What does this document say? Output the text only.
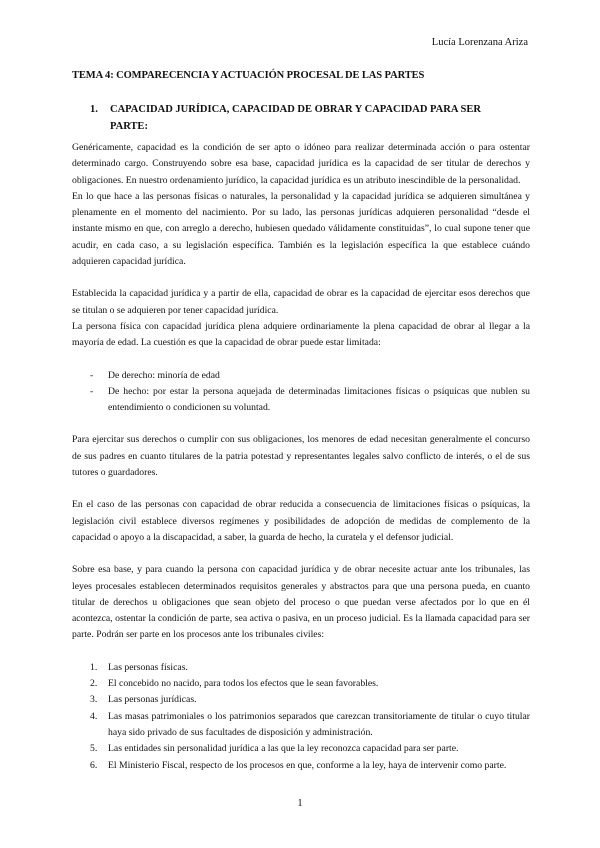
Lucía Lorenzana Ariza
TEMA 4: COMPARECENCIA Y ACTUACIÓN PROCESAL DE LAS PARTES
1. CAPACIDAD JURÍDICA, CAPACIDAD DE OBRAR Y CAPACIDAD PARA SER PARTE:

Genéricamente, capacidad es la condición de ser apto o idóneo para realizar determinada acción o para ostentar determinado cargo. Construyendo sobre esa base, capacidad jurídica es la capacidad de ser titular de derechos y obligaciones. En nuestro ordenamiento jurídico, la capacidad jurídica es un atributo inescindible de la personalidad.

En lo que hace a las personas físicas o naturales, la personalidad y la capacidad jurídica se adquieren simultánea y plenamente en el momento del nacimiento. Por su lado, las personas jurídicas adquieren personalidad “desde el instante mismo en que, con arreglo a derecho, hubiesen quedado válidamente constituidas”, lo cual supone tener que acudir, en cada caso, a su legislación específica. También es la legislación específica la que establece cuándo adquieren capacidad jurídica.

Establecida la capacidad jurídica y a partir de ella, capacidad de obrar es la capacidad de ejercitar esos derechos que se titulan o se adquieren por tener capacidad jurídica.

La persona física con capacidad jurídica plena adquiere ordinariamente la plena capacidad de obrar al llegar a la mayoría de edad. La cuestión es que la capacidad de obrar puede estar limitada:

- De derecho: minoría de edad
- De hecho: por estar la persona aquejada de determinadas limitaciones físicas o psíquicas que nublen su entendimiento o condicionen su voluntad.

Para ejercitar sus derechos o cumplir con sus obligaciones, los menores de edad necesitan generalmente el concurso de sus padres en cuanto titulares de la patria potestad y representantes legales salvo conflicto de interés, o el de sus tutores o guardadores.

En el caso de las personas con capacidad de obrar reducida a consecuencia de limitaciones físicas o psíquicas, la legislación civil establece diversos regímenes y posibilidades de adopción de medidas de complemento de la capacidad o apoyo a la discapacidad, a saber, la guarda de hecho, la curatela y el defensor judicial.

Sobre esa base, y para cuando la persona con capacidad jurídica y de obrar necesite actuar ante los tribunales, las leyes procesales establecen determinados requisitos generales y abstractos para que una persona pueda, en cuanto titular de derechos u obligaciones que sean objeto del proceso o que puedan verse afectados por lo que en él acontezca, ostentar la condición de parte, sea activa o pasiva, en un proceso judicial. Es la llamada capacidad para ser parte. Podrán ser parte en los procesos ante los tribunales civiles:

1. Las personas físicas.
2. El concebido no nacido, para todos los efectos que le sean favorables.
3. Las personas jurídicas.
4. Las masas patrimoniales o los patrimonios separados que carezcan transitoriamente de titular o cuyo titular haya sido privado de sus facultades de disposición y administración.
5. Las entidades sin personalidad jurídica a las que la ley reconozca capacidad para ser parte.
6. El Ministerio Fiscal, respecto de los procesos en que, conforme a la ley, haya de intervenir como parte.
1
